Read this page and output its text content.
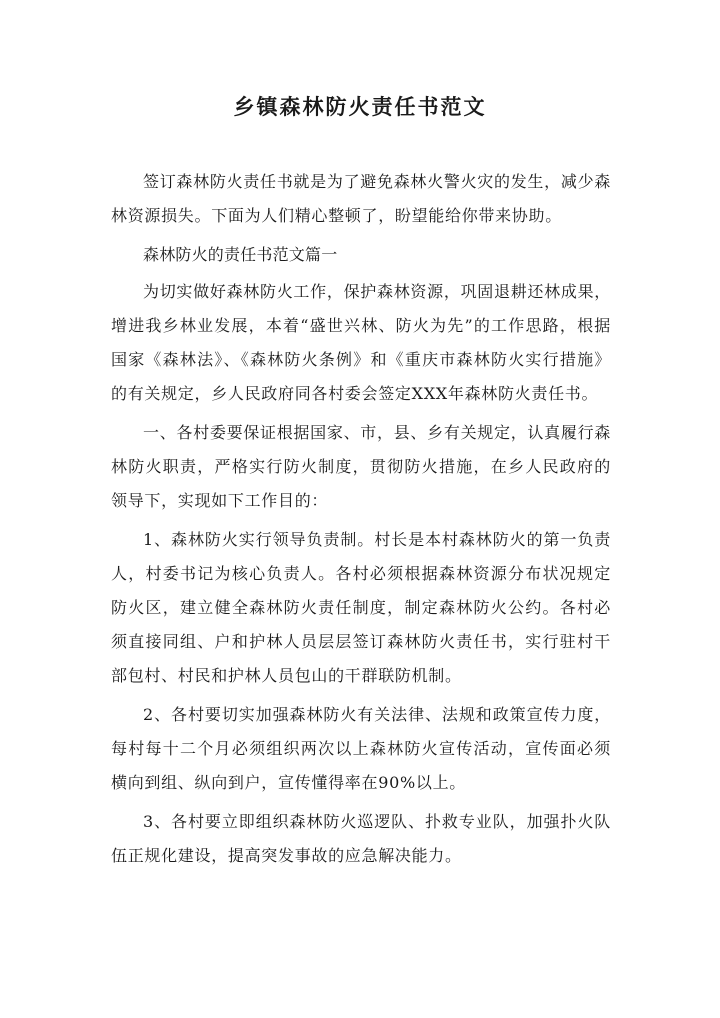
乡镇森林防火责任书范文

签订森林防火责任书就是为了避免森林火警火灾的发生，减少森林资源损失。下面为人们精心整顿了，盼望能给你带来协助。

森林防火的责任书范文篇一

为切实做好森林防火工作，保护森林资源，巩固退耕还林成果，增进我乡林业发展，本着“盛世兴林、防火为先”的工作思路，根据国家《森林法》、《森林防火条例》和《重庆市森林防火实行措施》的有关规定，乡人民政府同各村委会签定XXX年森林防火责任书。

一、各村委要保证根据国家、市，县、乡有关规定，认真履行森林防火职责，严格实行防火制度，贯彻防火措施，在乡人民政府的领导下，实现如下工作目的：

1、森林防火实行领导负责制。村长是本村森林防火的第一负责人，村委书记为核心负责人。各村必须根据森林资源分布状况规定防火区，建立健全森林防火责任制度，制定森林防火公约。各村必须直接同组、户和护林人员层层签订森林防火责任书，实行驻村干部包村、村民和护林人员包山的干群联防机制。

2、各村要切实加强森林防火有关法律、法规和政策宣传力度，每村每十二个月必须组织两次以上森林防火宣传活动，宣传面必须横向到组、纵向到户，宣传懂得率在90%以上。

3、各村要立即组织森林防火巡逻队、扑救专业队，加强扑火队伍正规化建设，提高突发事故的应急解决能力。
